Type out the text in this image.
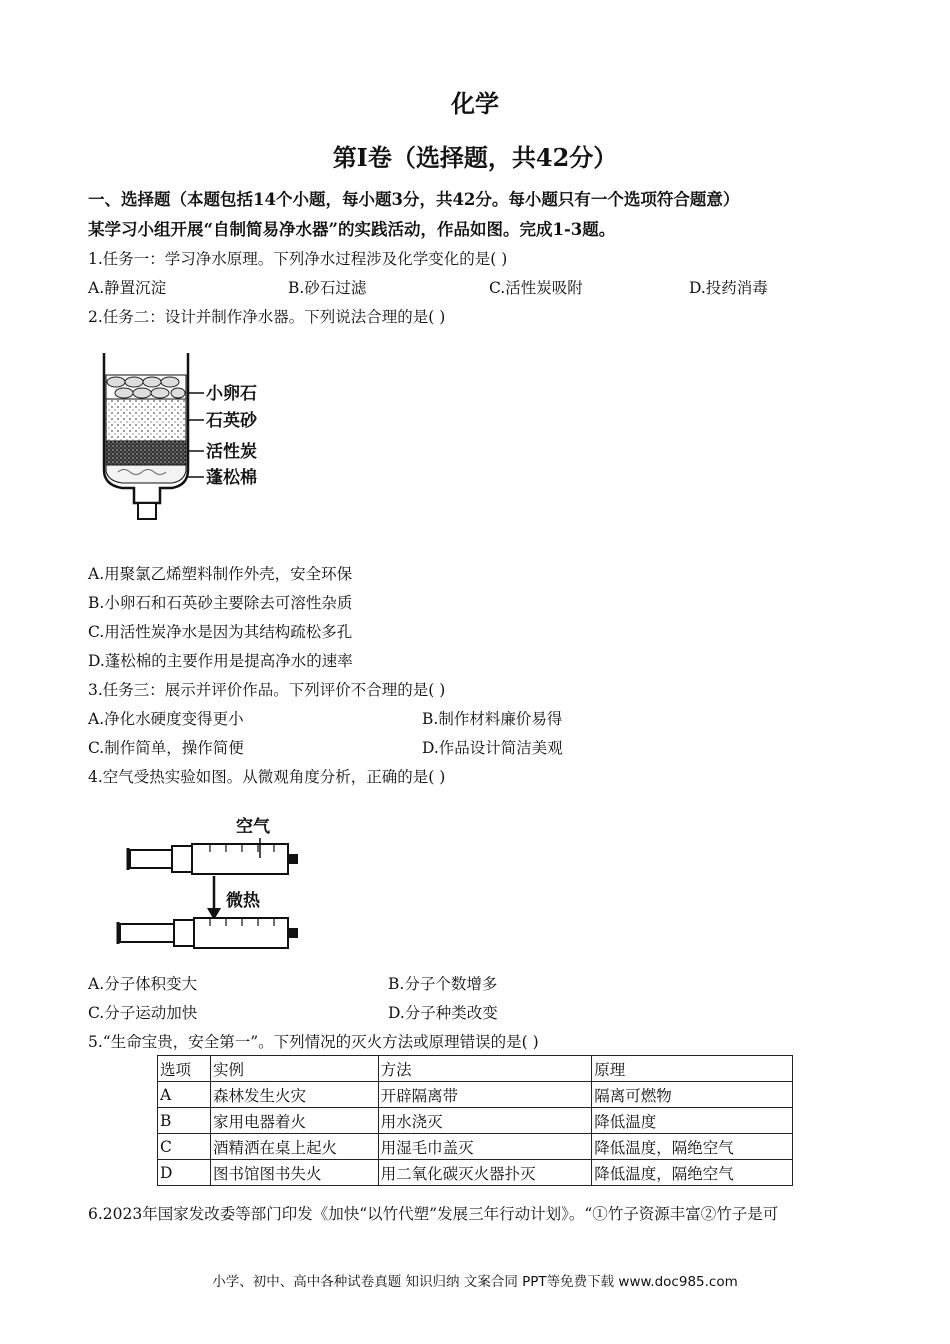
化学
第I卷（选择题，共42分）
一、选择题（本题包括14个小题，每小题3分，共42分。每小题只有一个选项符合题意）
某学习小组开展“自制简易净水器”的实践活动，作品如图。完成1-3题。
1.任务一：学习净水原理。下列净水过程涉及化学变化的是( )
A.静置沉淀	B.砂石过滤	C.活性炭吸附	D.投药消毒
2.任务二：设计并制作净水器。下列说法合理的是( )
小卵石
石英砂
活性炭
蓬松棉
A.用聚氯乙烯塑料制作外壳，安全环保
B.小卵石和石英砂主要除去可溶性杂质
C.用活性炭净水是因为其结构疏松多孔
D.蓬松棉的主要作用是提高净水的速率
3.任务三：展示并评价作品。下列评价不合理的是( )
A.净化水硬度变得更小	B.制作材料廉价易得
C.制作简单，操作简便	D.作品设计简洁美观
4.空气受热实验如图。从微观角度分析，正确的是( )
空气
微热
A.分子体积变大	B.分子个数增多
C.分子运动加快	D.分子种类改变
5.“生命宝贵，安全第一”。下列情况的灭火方法或原理错误的是( )
选项	实例	方法	原理
A	森林发生火灾	开辟隔离带	隔离可燃物
B	家用电器着火	用水浇灭	降低温度
C	酒精洒在桌上起火	用湿毛巾盖灭	降低温度，隔绝空气
D	图书馆图书失火	用二氧化碳灭火器扑灭	降低温度，隔绝空气
6.2023年国家发改委等部门印发《加快“以竹代塑”发展三年行动计划》。“①竹子资源丰富②竹子是可
小学、初中、高中各种试卷真题 知识归纳 文案合同 PPT等免费下载 www.doc985.com
